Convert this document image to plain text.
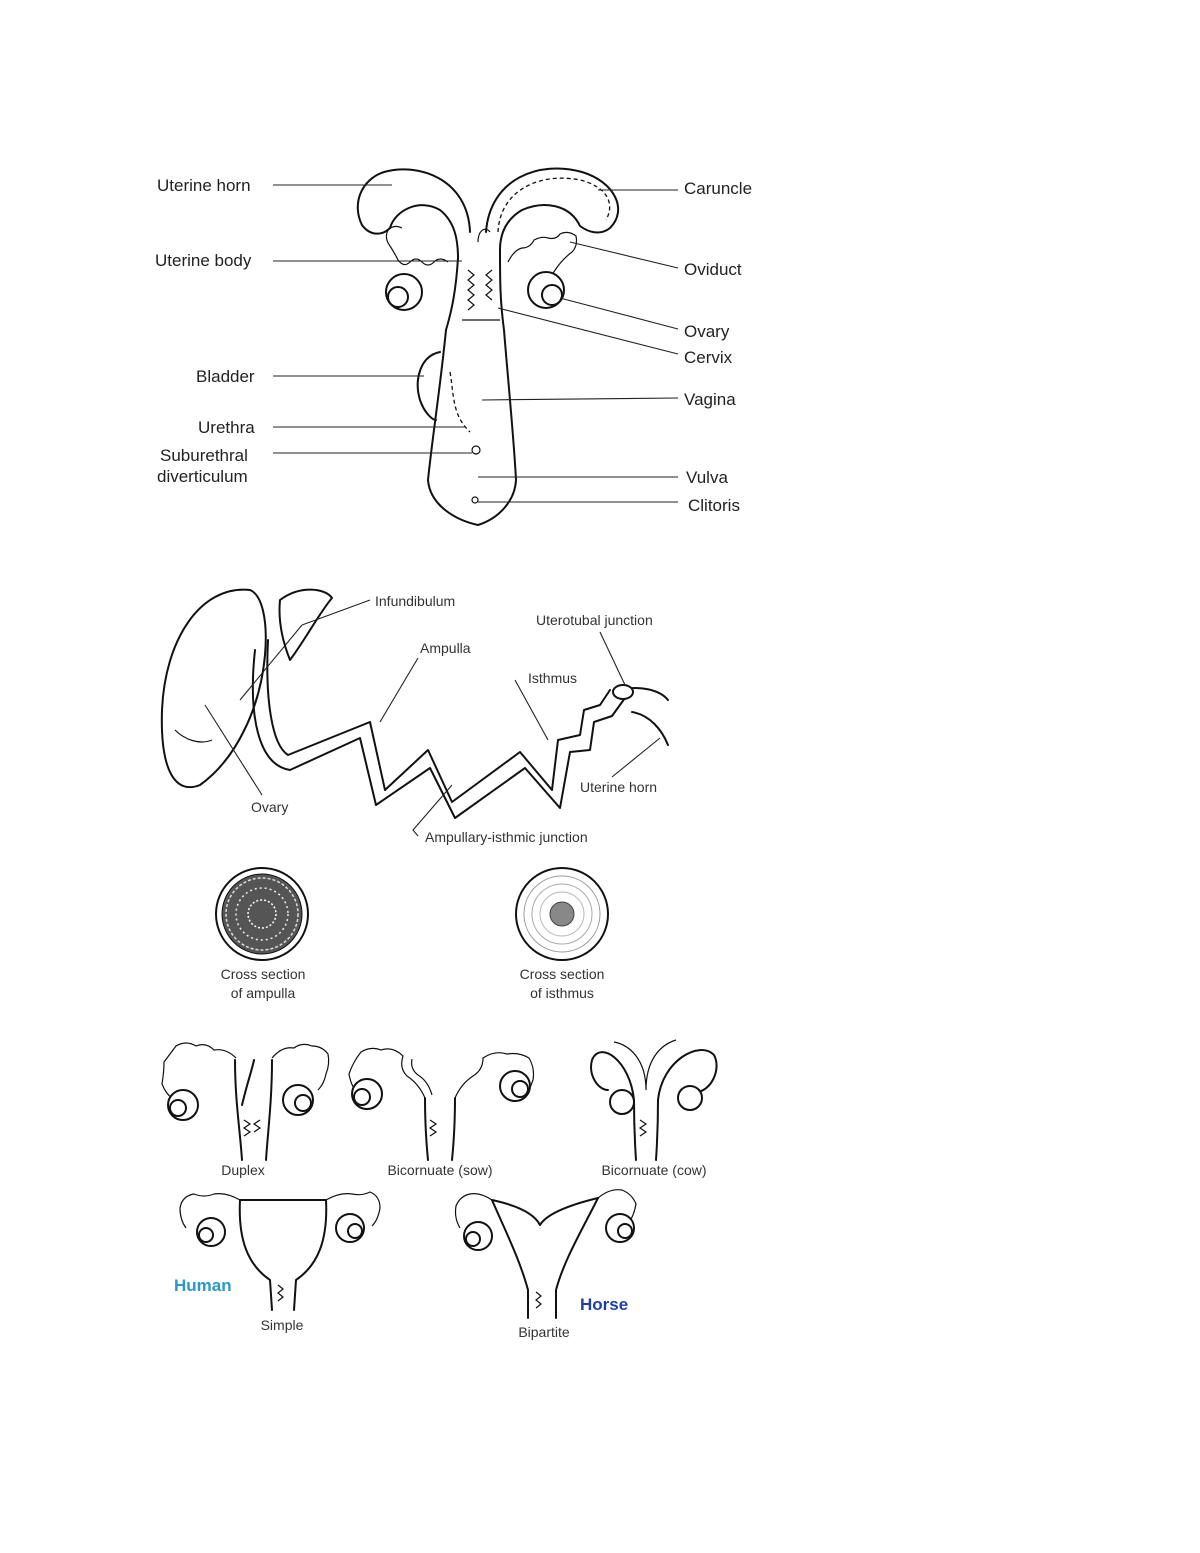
Uterine horn
Uterine body
Bladder
Urethra
Suburethral
diverticulum
Caruncle
Oviduct
Ovary
Cervix
Vagina
Vulva
Clitoris
Infundibulum
Uterotubal junction
Ampulla
Isthmus
Ovary
Uterine horn
Ampullary-isthmic junction
Cross section
of ampulla
Cross section
of isthmus
Duplex	Bicornuate (sow)	Bicornuate (cow)
Human
Simple
Horse
Bipartite
